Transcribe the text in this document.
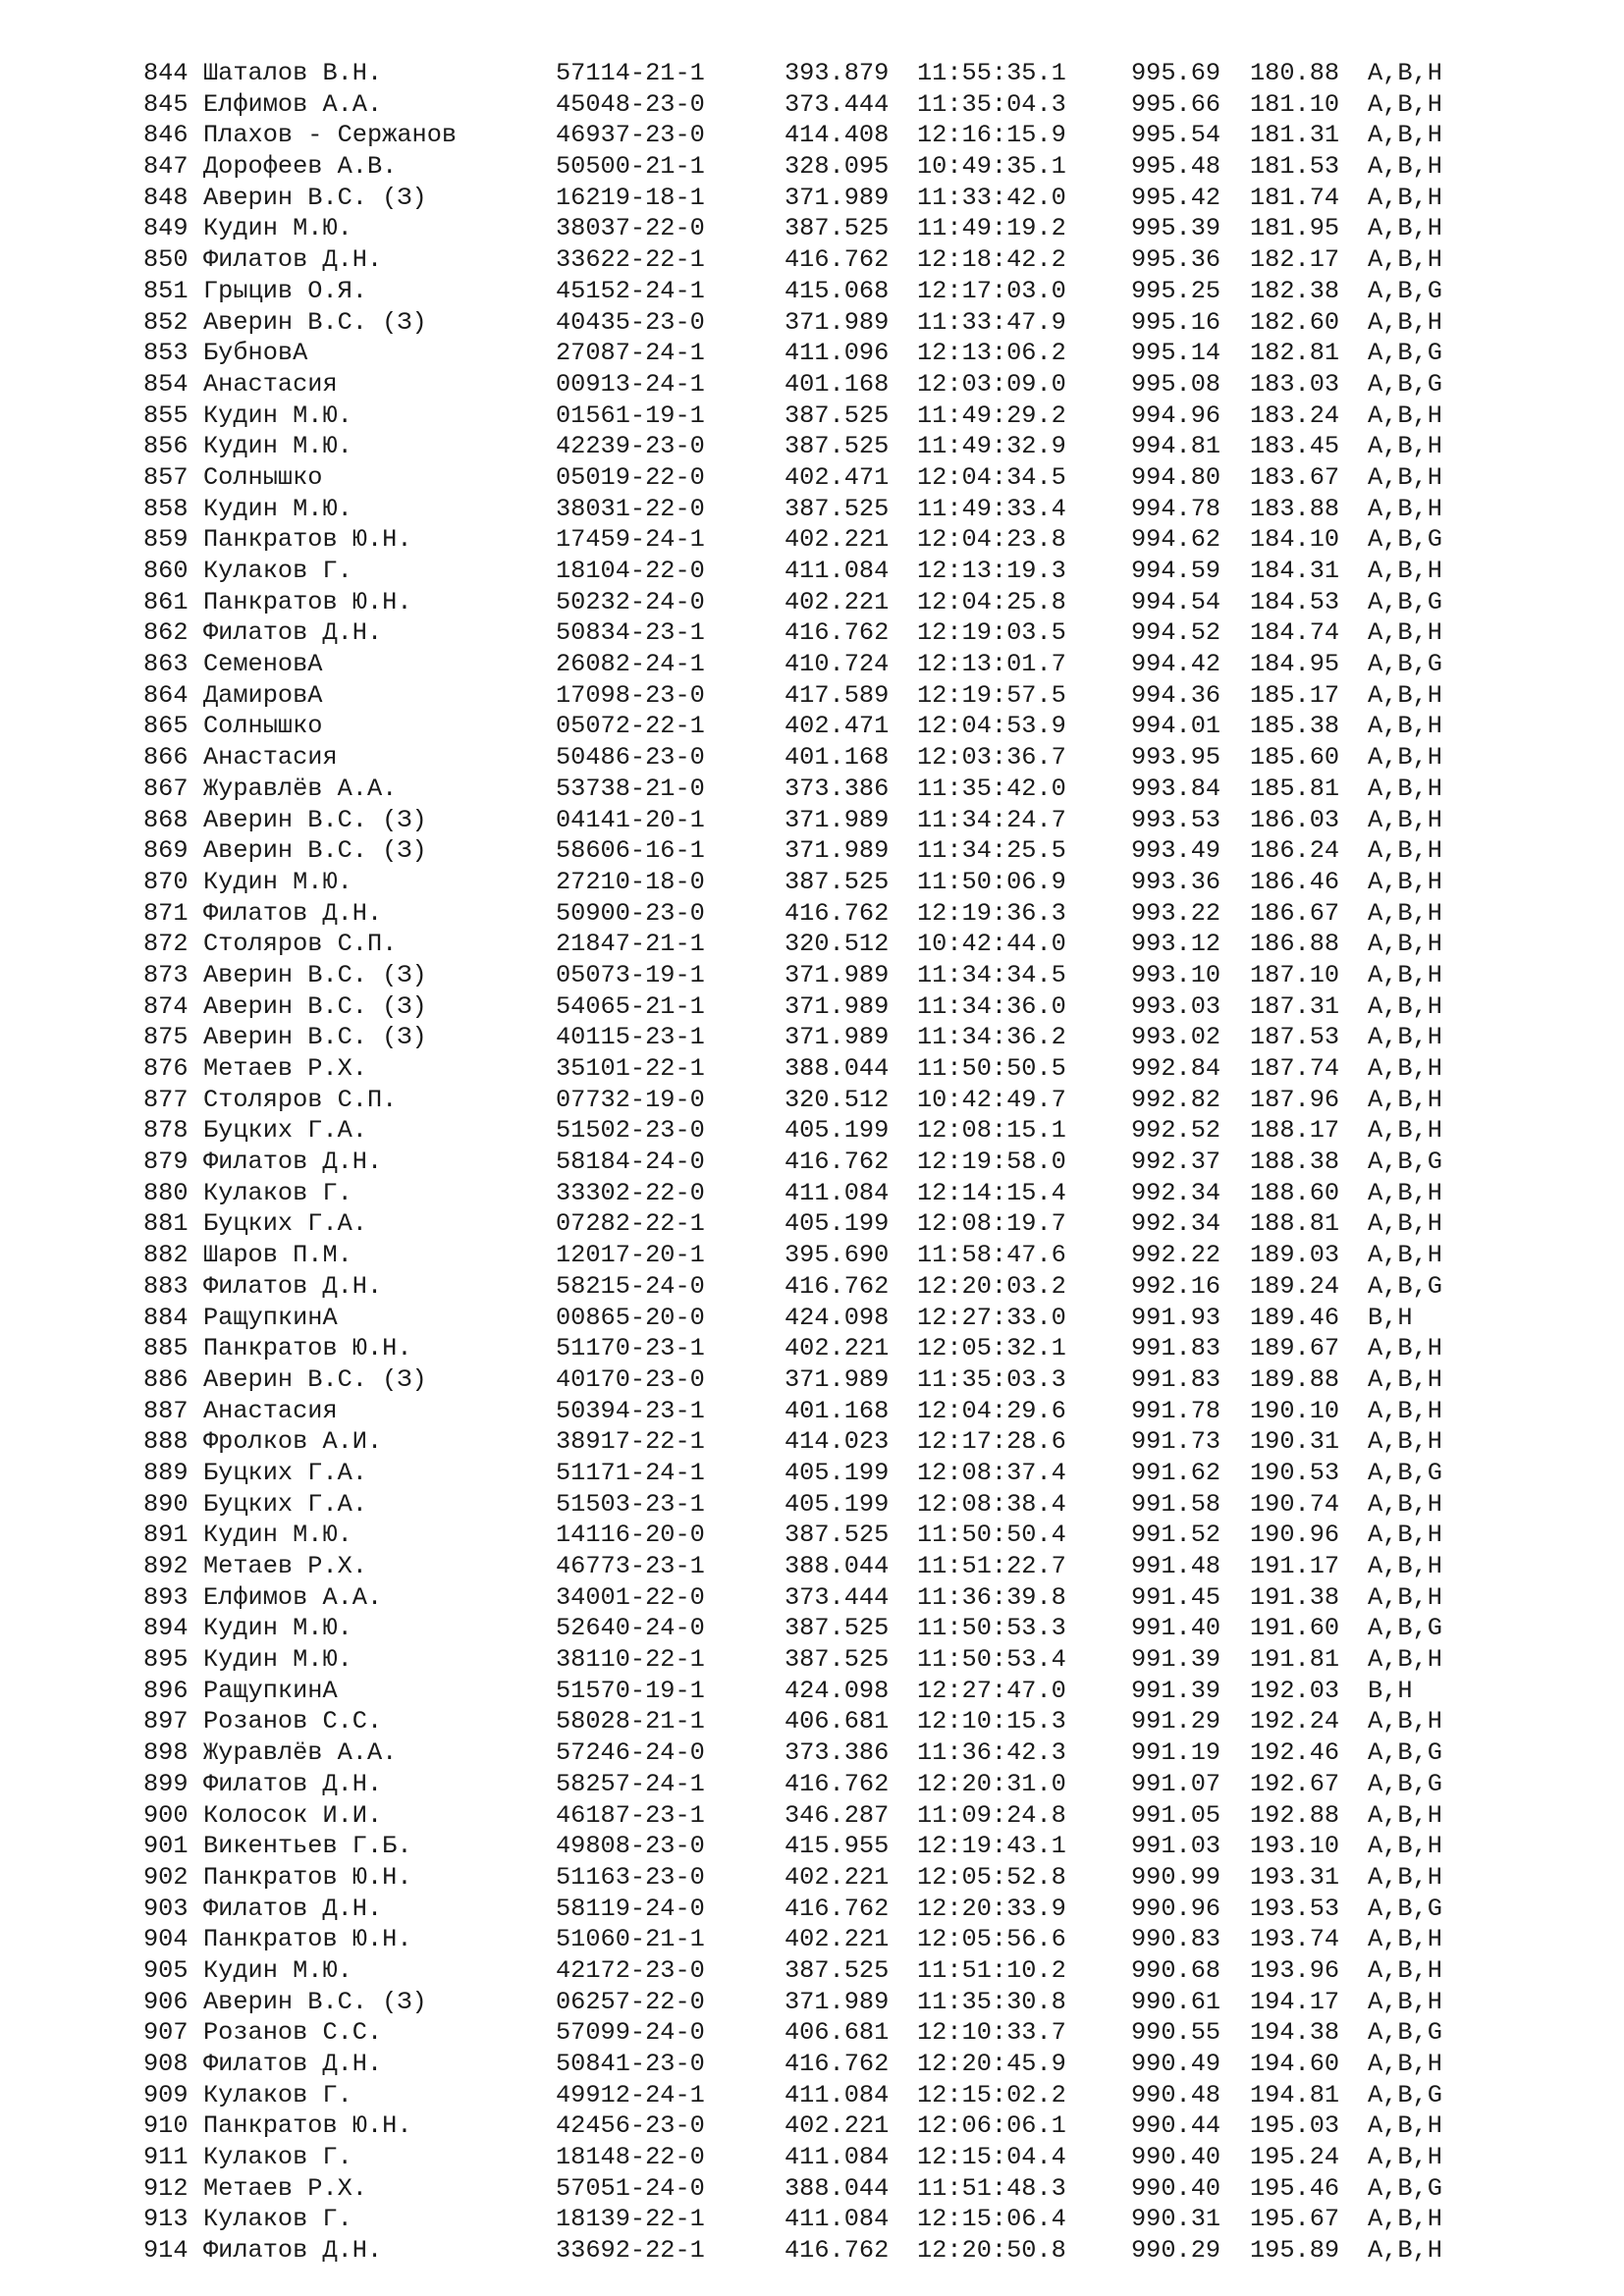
844 Шаталов В.Н.	57114-21-1	393.879 11:55:35.1	995.69 180.88 A,B,H
845 Елфимов А.А.	45048-23-0	373.444 11:35:04.3	995.66 181.10 A,B,H
846 Плахов - Сержанов	46937-23-0	414.408 12:16:15.9	995.54 181.31 A,B,H
847 Дорофеев А.В.	50500-21-1	328.095 10:49:35.1	995.48 181.53 A,B,H
848 Аверин В.С. (З)	16219-18-1	371.989 11:33:42.0	995.42 181.74 A,B,H
849 Кудин М.Ю.	38037-22-0	387.525 11:49:19.2	995.39 181.95 A,B,H
850 Филатов Д.Н.	33622-22-1	416.762 12:18:42.2	995.36 182.17 A,B,H
851 Грыцив О.Я.	45152-24-1	415.068 12:17:03.0	995.25 182.38 A,B,G
852 Аверин В.С. (З)	40435-23-0	371.989 11:33:47.9	995.16 182.60 A,B,H
853 БубновА	27087-24-1	411.096 12:13:06.2	995.14 182.81 A,B,G
854 Анастасия	00913-24-1	401.168 12:03:09.0	995.08 183.03 A,B,G
855 Кудин М.Ю.	01561-19-1	387.525 11:49:29.2	994.96 183.24 A,B,H
856 Кудин М.Ю.	42239-23-0	387.525 11:49:32.9	994.81 183.45 A,B,H
857 Солнышко	05019-22-0	402.471 12:04:34.5	994.80 183.67 A,B,H
858 Кудин М.Ю.	38031-22-0	387.525 11:49:33.4	994.78 183.88 A,B,H
859 Панкратов Ю.Н.	17459-24-1	402.221 12:04:23.8	994.62 184.10 A,B,G
860 Кулаков Г.	18104-22-0	411.084 12:13:19.3	994.59 184.31 A,B,H
861 Панкратов Ю.Н.	50232-24-0	402.221 12:04:25.8	994.54 184.53 A,B,G
862 Филатов Д.Н.	50834-23-1	416.762 12:19:03.5	994.52 184.74 A,B,H
863 СеменовА	26082-24-1	410.724 12:13:01.7	994.42 184.95 A,B,G
864 ДамировА	17098-23-0	417.589 12:19:57.5	994.36 185.17 A,B,H
865 Солнышко	05072-22-1	402.471 12:04:53.9	994.01 185.38 A,B,H
866 Анастасия	50486-23-0	401.168 12:03:36.7	993.95 185.60 A,B,H
867 Журавлёв А.А.	53738-21-0	373.386 11:35:42.0	993.84 185.81 A,B,H
868 Аверин В.С. (З)	04141-20-1	371.989 11:34:24.7	993.53 186.03 A,B,H
869 Аверин В.С. (З)	58606-16-1	371.989 11:34:25.5	993.49 186.24 A,B,H
870 Кудин М.Ю.	27210-18-0	387.525 11:50:06.9	993.36 186.46 A,B,H
871 Филатов Д.Н.	50900-23-0	416.762 12:19:36.3	993.22 186.67 A,B,H
872 Столяров С.П.	21847-21-1	320.512 10:42:44.0	993.12 186.88 A,B,H
873 Аверин В.С. (З)	05073-19-1	371.989 11:34:34.5	993.10 187.10 A,B,H
874 Аверин В.С. (З)	54065-21-1	371.989 11:34:36.0	993.03 187.31 A,B,H
875 Аверин В.С. (З)	40115-23-1	371.989 11:34:36.2	993.02 187.53 A,B,H
876 Метаев Р.Х.	35101-22-1	388.044 11:50:50.5	992.84 187.74 A,B,H
877 Столяров С.П.	07732-19-0	320.512 10:42:49.7	992.82 187.96 A,B,H
878 Буцких Г.А.	51502-23-0	405.199 12:08:15.1	992.52 188.17 A,B,H
879 Филатов Д.Н.	58184-24-0	416.762 12:19:58.0	992.37 188.38 A,B,G
880 Кулаков Г.	33302-22-0	411.084 12:14:15.4	992.34 188.60 A,B,H
881 Буцких Г.А.	07282-22-1	405.199 12:08:19.7	992.34 188.81 A,B,H
882 Шаров П.М.	12017-20-1	395.690 11:58:47.6	992.22 189.03 A,B,H
883 Филатов Д.Н.	58215-24-0	416.762 12:20:03.2	992.16 189.24 A,B,G
884 РащупкинА	00865-20-0	424.098 12:27:33.0	991.93 189.46 B,H
885 Панкратов Ю.Н.	51170-23-1	402.221 12:05:32.1	991.83 189.67 A,B,H
886 Аверин В.С. (З)	40170-23-0	371.989 11:35:03.3	991.83 189.88 A,B,H
887 Анастасия	50394-23-1	401.168 12:04:29.6	991.78 190.10 A,B,H
888 Фролков А.И.	38917-22-1	414.023 12:17:28.6	991.73 190.31 A,B,H
889 Буцких Г.А.	51171-24-1	405.199 12:08:37.4	991.62 190.53 A,B,G
890 Буцких Г.А.	51503-23-1	405.199 12:08:38.4	991.58 190.74 A,B,H
891 Кудин М.Ю.	14116-20-0	387.525 11:50:50.4	991.52 190.96 A,B,H
892 Метаев Р.Х.	46773-23-1	388.044 11:51:22.7	991.48 191.17 A,B,H
893 Елфимов А.А.	34001-22-0	373.444 11:36:39.8	991.45 191.38 A,B,H
894 Кудин М.Ю.	52640-24-0	387.525 11:50:53.3	991.40 191.60 A,B,G
895 Кудин М.Ю.	38110-22-1	387.525 11:50:53.4	991.39 191.81 A,B,H
896 РащупкинА	51570-19-1	424.098 12:27:47.0	991.39 192.03 B,H
897 Розанов С.С.	58028-21-1	406.681 12:10:15.3	991.29 192.24 A,B,H
898 Журавлёв А.А.	57246-24-0	373.386 11:36:42.3	991.19 192.46 A,B,G
899 Филатов Д.Н.	58257-24-1	416.762 12:20:31.0	991.07 192.67 A,B,G
900 Колосок И.И.	46187-23-1	346.287 11:09:24.8	991.05 192.88 A,B,H
901 Викентьев Г.Б.	49808-23-0	415.955 12:19:43.1	991.03 193.10 A,B,H
902 Панкратов Ю.Н.	51163-23-0	402.221 12:05:52.8	990.99 193.31 A,B,H
903 Филатов Д.Н.	58119-24-0	416.762 12:20:33.9	990.96 193.53 A,B,G
904 Панкратов Ю.Н.	51060-21-1	402.221 12:05:56.6	990.83 193.74 A,B,H
905 Кудин М.Ю.	42172-23-0	387.525 11:51:10.2	990.68 193.96 A,B,H
906 Аверин В.С. (З)	06257-22-0	371.989 11:35:30.8	990.61 194.17 A,B,H
907 Розанов С.С.	57099-24-0	406.681 12:10:33.7	990.55 194.38 A,B,G
908 Филатов Д.Н.	50841-23-0	416.762 12:20:45.9	990.49 194.60 A,B,H
909 Кулаков Г.	49912-24-1	411.084 12:15:02.2	990.48 194.81 A,B,G
910 Панкратов Ю.Н.	42456-23-0	402.221 12:06:06.1	990.44 195.03 A,B,H
911 Кулаков Г.	18148-22-0	411.084 12:15:04.4	990.40 195.24 A,B,H
912 Метаев Р.Х.	57051-24-0	388.044 11:51:48.3	990.40 195.46 A,B,G
913 Кулаков Г.	18139-22-1	411.084 12:15:06.4	990.31 195.67 A,B,H
914 Филатов Д.Н.	33692-22-1	416.762 12:20:50.8	990.29 195.89 A,B,H
